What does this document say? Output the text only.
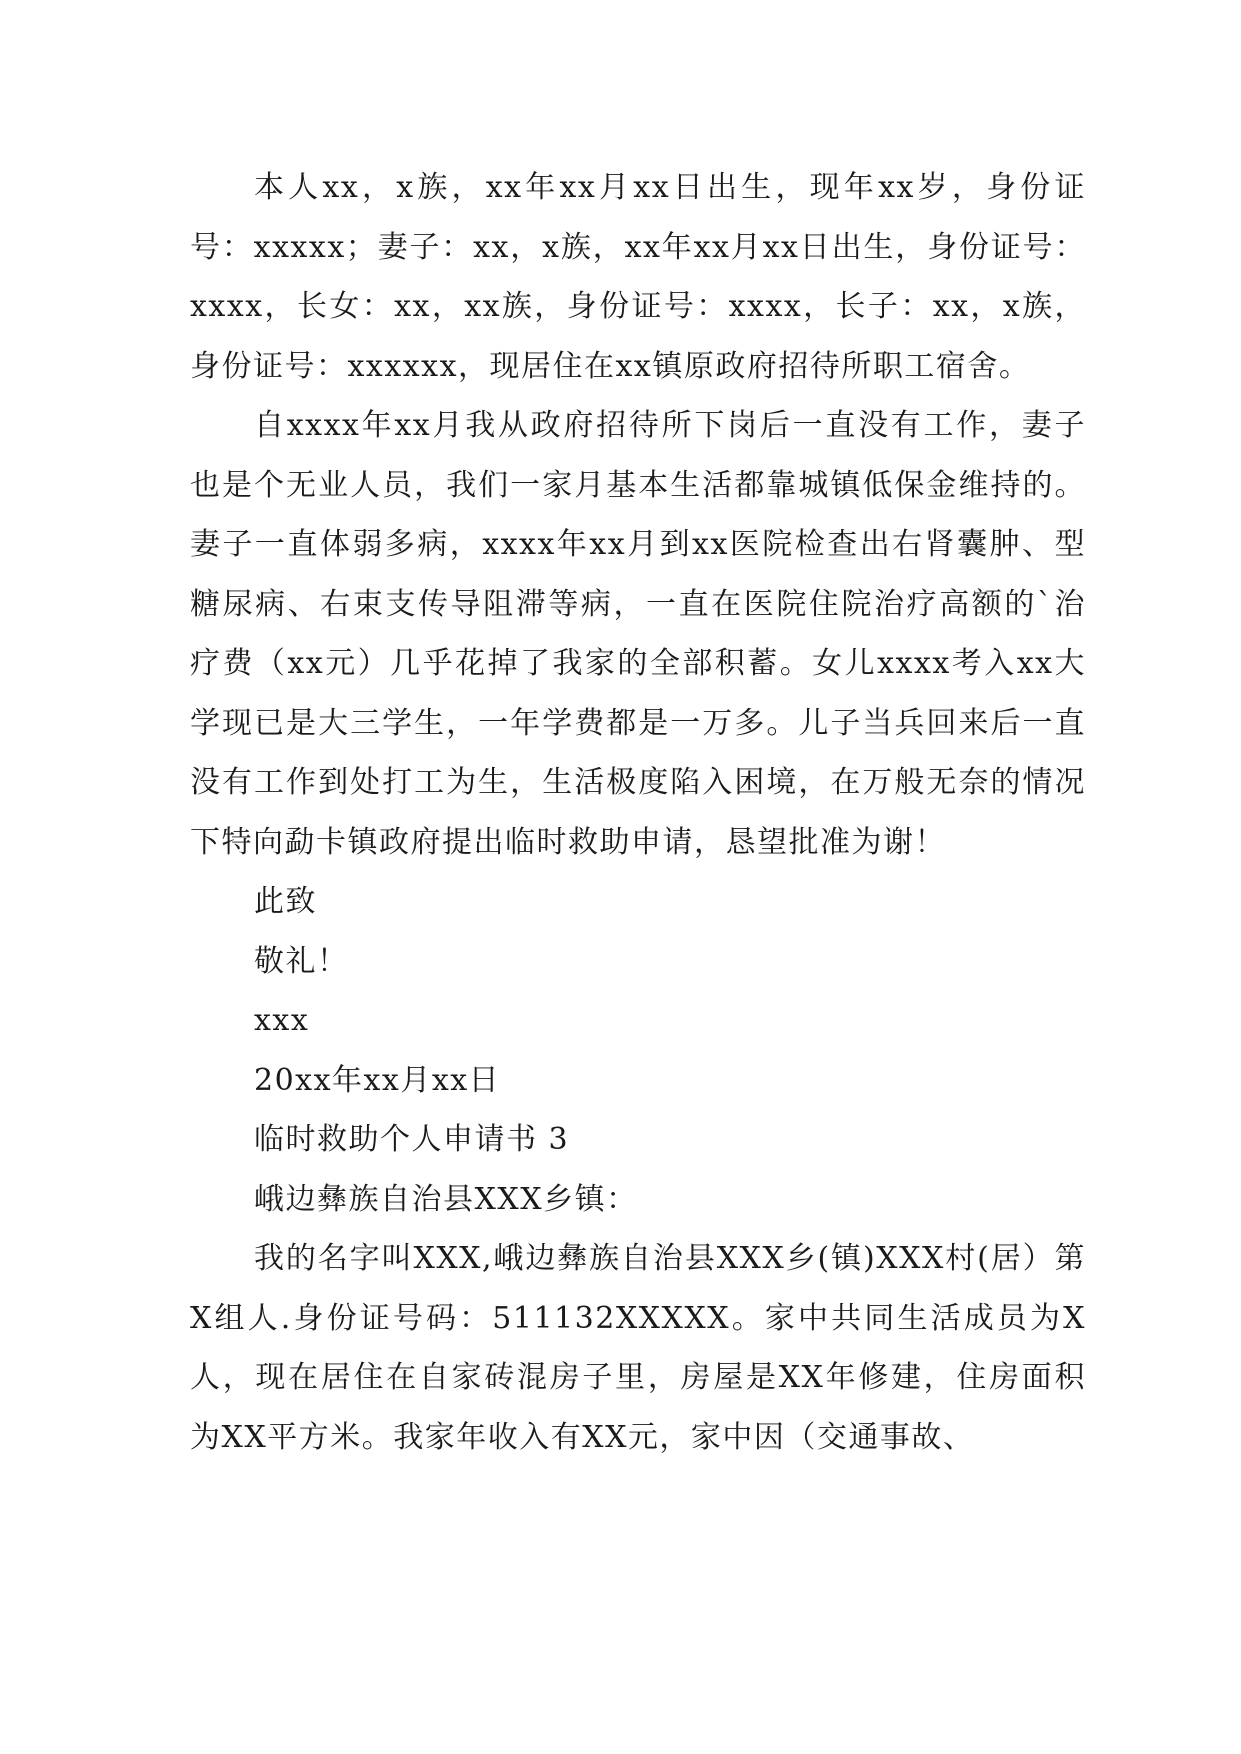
本人xx，x族，xx年xx月xx日出生，现年xx岁，身份证号：xxxxx；妻子：xx，x族，xx年xx月xx日出生，身份证号：xxxx，长女：xx，xx族，身份证号：xxxx，长子：xx，x族，身份证号：xxxxxx，现居住在xx镇原政府招待所职工宿舍。

自xxxx年xx月我从政府招待所下岗后一直没有工作，妻子也是个无业人员，我们一家月基本生活都靠城镇低保金维持的。妻子一直体弱多病，xxxx年xx月到xx医院检查出右肾囊肿、型糖尿病、右束支传导阻滞等病，一直在医院住院治疗高额的`治疗费（xx元）几乎花掉了我家的全部积蓄。女儿xxxx考入xx大学现已是大三学生，一年学费都是一万多。儿子当兵回来后一直没有工作到处打工为生，生活极度陷入困境，在万般无奈的情况下特向勐卡镇政府提出临时救助申请，恳望批准为谢！

此致

敬礼！

xxx

20xx年xx月xx日

临时救助个人申请书 3

峨边彝族自治县XXX乡镇：

我的名字叫XXX,峨边彝族自治县XXX乡(镇)XXX村(居）第X组人.身份证号码：511132XXXXX。家中共同生活成员为X人，现在居住在自家砖混房子里，房屋是XX年修建，住房面积为XX平方米。我家年收入有XX元，家中因（交通事故、
